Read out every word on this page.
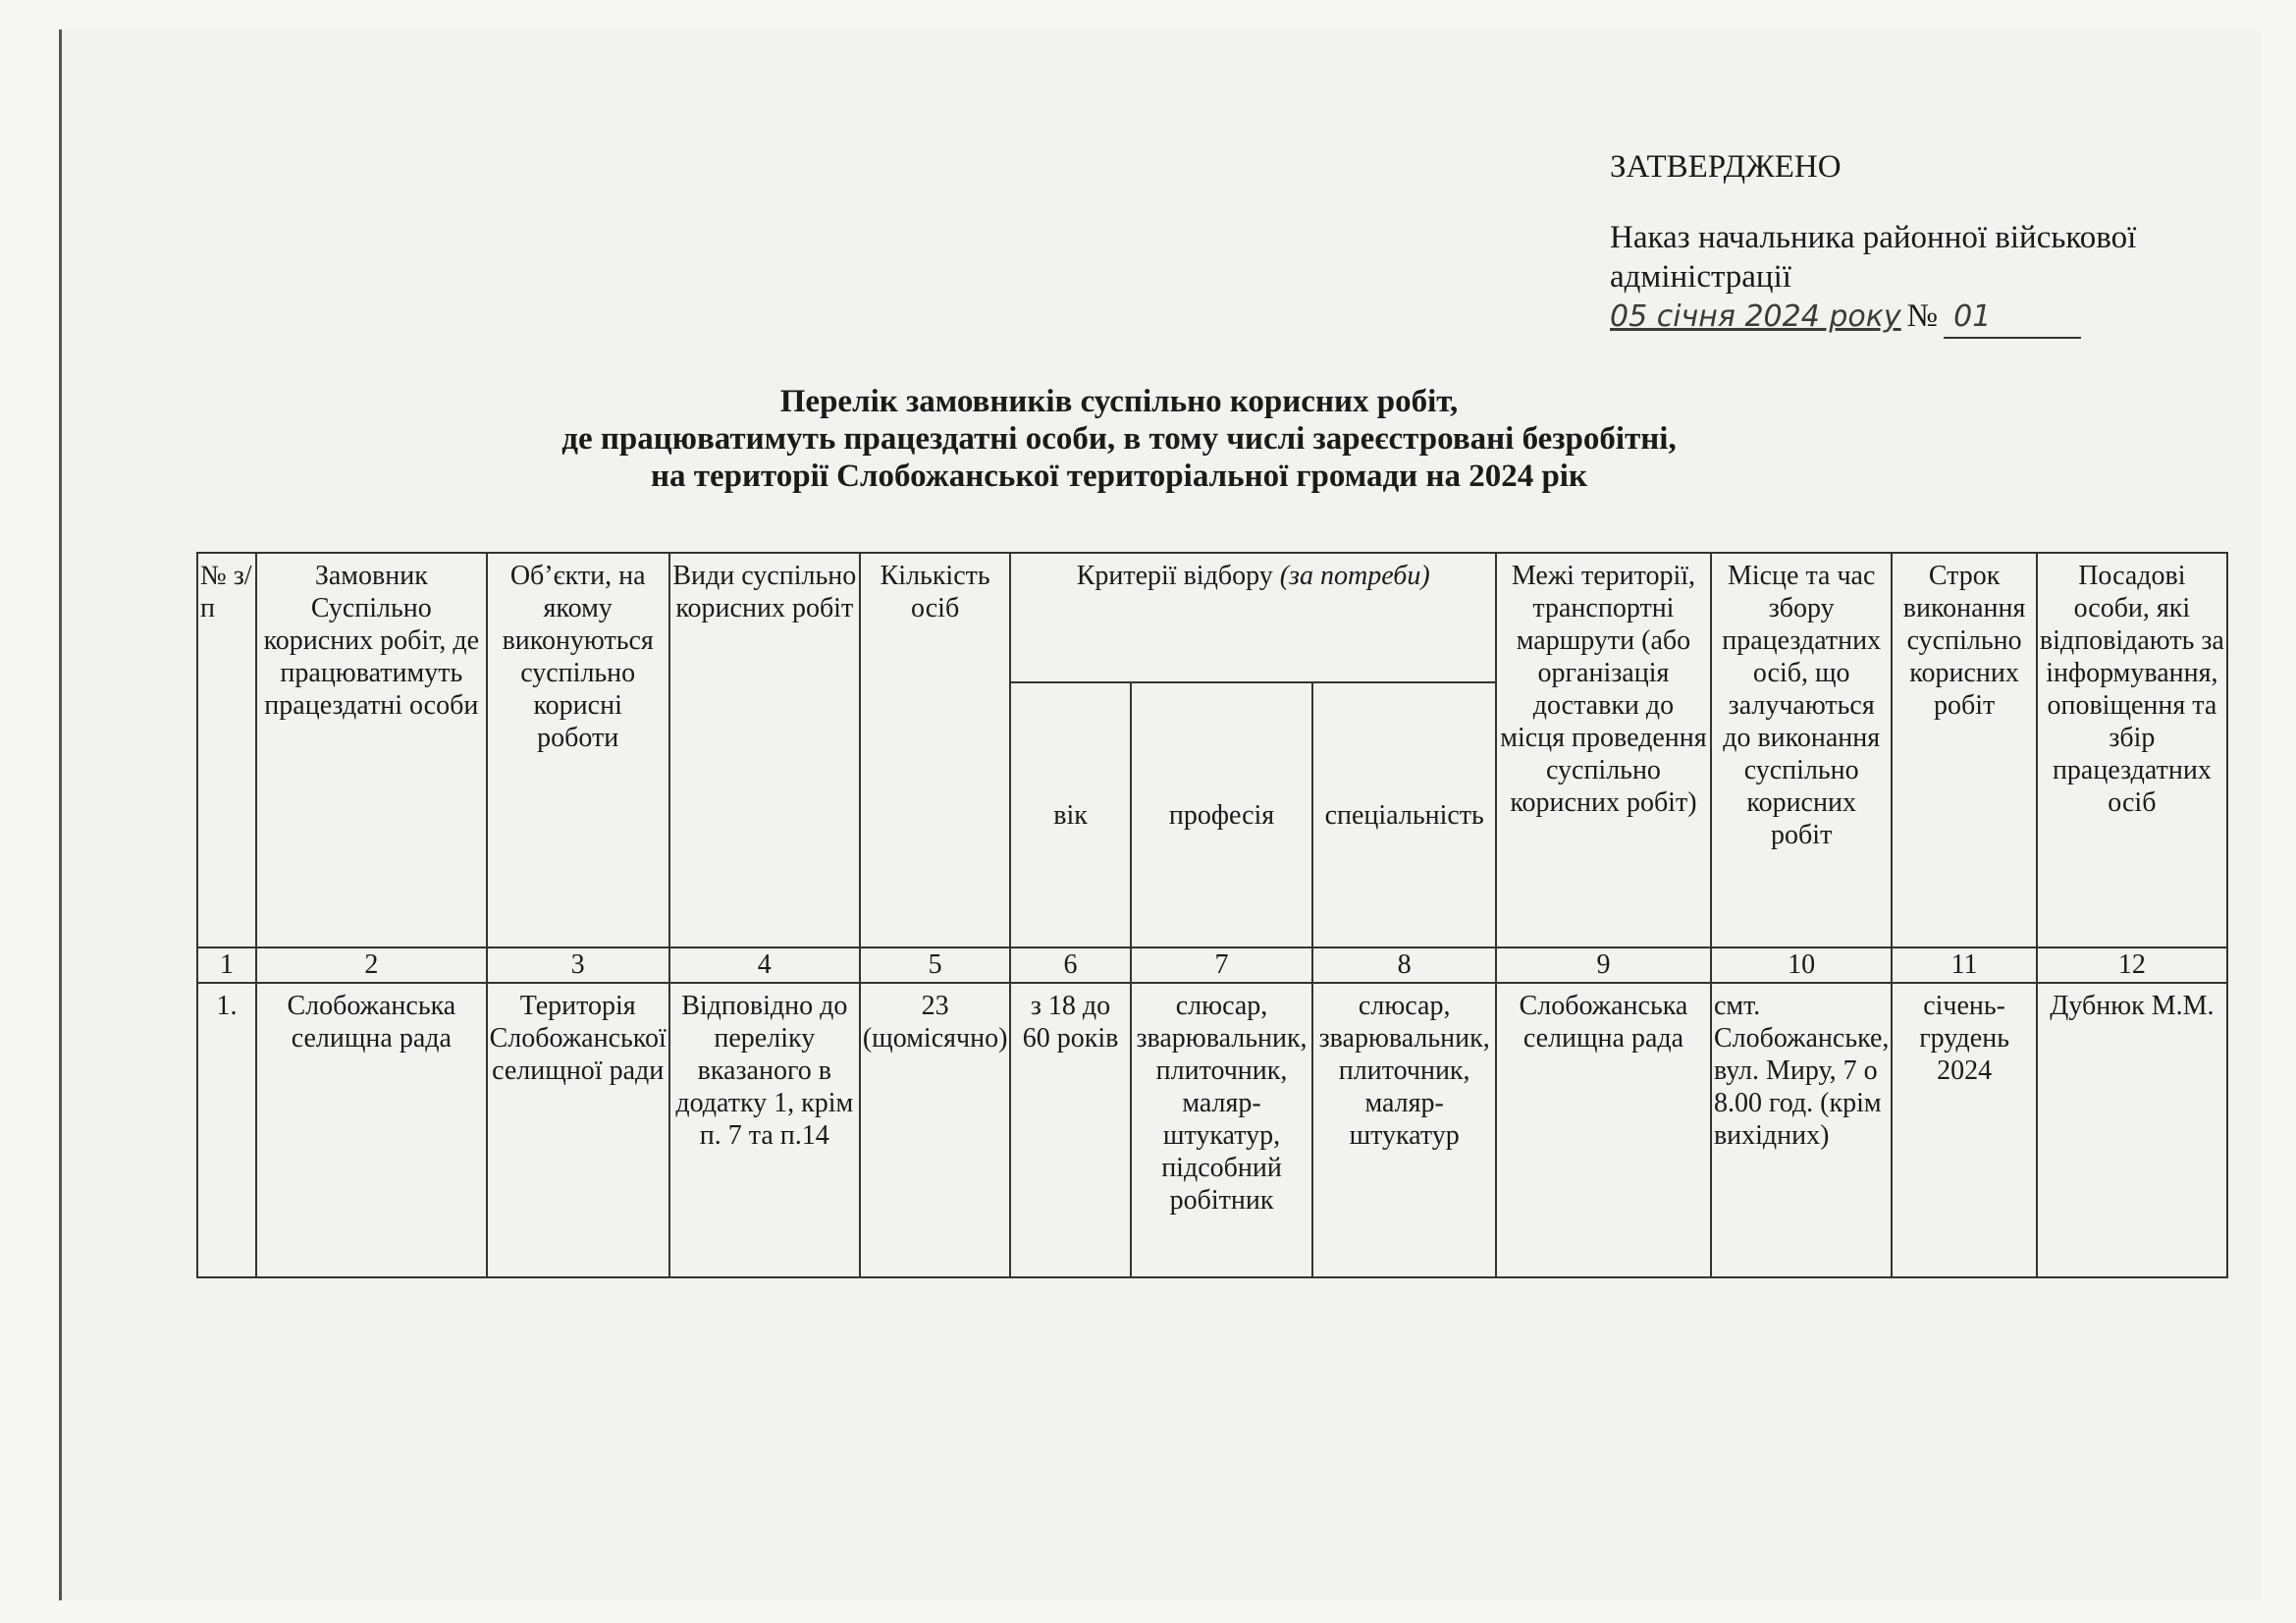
ЗАТВЕРДЖЕНО
Наказ начальника районної військової адміністрації
05 січня 2024 року № 01
Перелік замовників суспільно корисних робіт,
де працюватимуть працездатні особи, в тому числі зареєстровані безробітні,
на території Слобожанської територіальної громади на 2024 рік
№ з/п	Замовник Суспільно корисних робіт, де працюватимуть працездатні особи	Об’єкти, на якому виконуються суспільно корисні роботи	Види суспільно корисних робіт	Кількість осіб	Критерії відбору (за потреби)			Межі території, транспортні маршрути (або організація доставки до місця проведення суспільно корисних робіт)	Місце та час збору працездатних осіб, що залучаються до виконання суспільно корисних робіт	Строк виконання суспільно корисних робіт	Посадові особи, які відповідають за інформування, оповіщення та збір працездатних осіб
					вік	професія	спеціальність				
1	2	3	4	5	6	7	8	9	10	11	12
1.	Слобожанська селищна рада	Територія Слобожанської селищної ради	Відповідно до переліку вказаного в додатку 1, крім п. 7 та п.14	23 (щомісячно)	з 18 до 60 років	слюсар, зварювальник, плиточник, маляр-штукатур, підсобний робітник	слюсар, зварювальник, плиточник, маляр-штукатур	Слобожанська селищна рада	смт. Слобожанське, вул. Миру, 7 о 8.00 год. (крім вихідних)	січень-грудень 2024	Дубнюк М.М.
